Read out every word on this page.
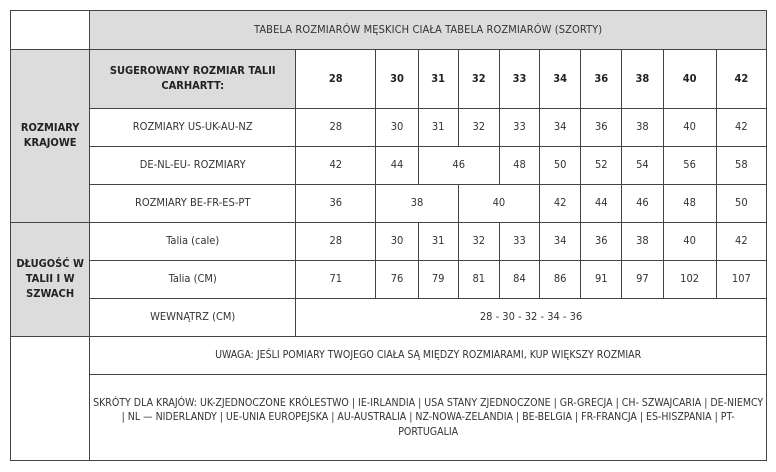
	TABELA ROZMIARÓW MĘSKICH CIAŁA TABELA ROZMIARÓW (SZORTY)										
ROZMIARY KRAJOWE	SUGEROWANY ROZMIAR TALII CARHARTT:	28	30	31	32	33	34	36	38	40	42
	ROZMIARY US-UK-AU-NZ	28	30	31	32	33	34	36	38	40	42
	DE-NL-EU- ROZMIARY	42	44	46		48	50	52	54	56	58
	ROZMIARY BE-FR-ES-PT	36	38		40		42	44	46	48	50
DŁUGOŚĆ W TALII I W SZWACH	Talia (cale)	28	30	31	32	33	34	36	38	40	42
	Talia (CM)	71	76	79	81	84	86	91	97	102	107
	WEWNĄTRZ (CM)	28 - 30 - 32 - 34 - 36									
	UWAGA: JEŚLI POMIARY TWOJEGO CIAŁA SĄ MIĘDZY ROZMIARAMI, KUP WIĘKSZY ROZMIAR										
	SKRÓTY DLA KRAJÓW: UK-ZJEDNOCZONE KRÓLESTWO | IE-IRLANDIA | USA STANY ZJEDNOCZONE | GR-GRECJA | CH- SZWAJCARIA | DE-NIEMCY | NL — NIDERLANDY | UE-UNIA EUROPEJSKA | AU-AUSTRALIA | NZ-NOWA-ZELANDIA | BE-BELGIA | FR-FRANCJA | ES-HISZPANIA | PT-PORTUGALIA										
